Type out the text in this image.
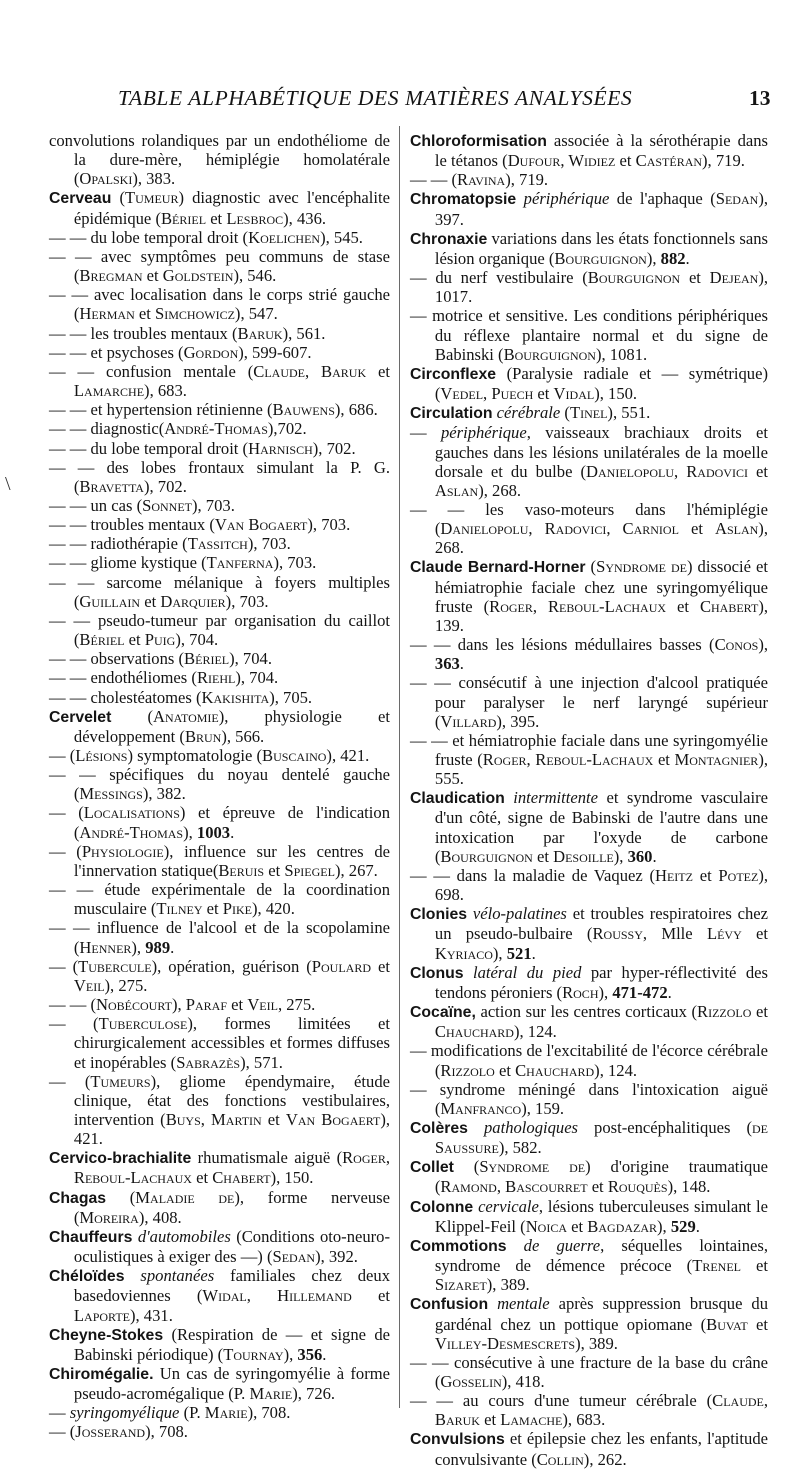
TABLE ALPHABÉTIQUE DES MATIÈRES ANALYSÉES	13
\

convolutions rolandiques par un endothéliome de la dure-mère, hémiplégie homolatérale (Opalski), 383.

Cerveau (Tumeur) diagnostic avec l'encéphalite épidémique (Bériel et Lesbroc), 436.

— — du lobe temporal droit (Koelichen), 545.

— — avec symptômes peu communs de stase (Bregman et Goldstein), 546.

— — avec localisation dans le corps strié gauche (Herman et Simchowicz), 547.

— — les troubles mentaux (Baruk), 561.

— — et psychoses (Gordon), 599-607.

— — confusion mentale (Claude, Baruk et Lamarche), 683.

— — et hypertension rétinienne (Bauwens), 686.

— — diagnostic(André-Thomas),702.

— — du lobe temporal droit (Harnisch), 702.

— — des lobes frontaux simulant la P. G. (Bravetta), 702.

— — un cas (Sonnet), 703.

— — troubles mentaux (Van Bogaert), 703.

— — radiothérapie (Tassitch), 703.

— — gliome kystique (Tanferna), 703.

— — sarcome mélanique à foyers multiples (Guillain et Darquier), 703.

— — pseudo-tumeur par organisation du caillot (Bériel et Puig), 704.

— — observations (Bériel), 704.

— — endothéliomes (Riehl), 704.

— — cholestéatomes (Kakishita), 705.

Cervelet (Anatomie), physiologie et développement (Brun), 566.

— (Lésions) symptomatologie (Buscaino), 421.

— — spécifiques du noyau dentelé gauche (Messings), 382.

— (Localisations) et épreuve de l'indication (André-Thomas), 1003.

— (Physiologie), influence sur les centres de l'innervation statique(Beruis et Spiegel), 267.

— — étude expérimentale de la coordination musculaire (Tilney et Pike), 420.

— — influence de l'alcool et de la scopolamine (Henner), 989.

— (Tubercule), opération, guérison (Poulard et Veil), 275.

— — (Nobécourt), Paraf et Veil, 275.

— (Tuberculose), formes limitées et chirurgicalement accessibles et formes diffuses et inopérables (Sabrazès), 571.

— (Tumeurs), gliome épendymaire, étude clinique, état des fonctions vestibulaires, intervention (Buys, Martin et Van Bogaert), 421.

Cervico-brachialite rhumatismale aiguë (Roger, Reboul-Lachaux et Chabert), 150.

Chagas (Maladie de), forme nerveuse (Moreira), 408.

Chauffeurs d'automobiles (Conditions oto-neuro-oculistiques à exiger des —) (Sedan), 392.

Chéloïdes spontanées familiales chez deux basedoviennes (Widal, Hillemand et Laporte), 431.

Cheyne-Stokes (Respiration de — et signe de Babinski périodique) (Tournay), 356.

Chiromégalie. Un cas de syringomyélie à forme pseudo-acromégalique (P. Marie), 726.

— syringomyélique (P. Marie), 708.

— (Josserand), 708.

Chloroformisation associée à la sérothérapie dans le tétanos (Dufour, Widiez et Castéran), 719.

— — (Ravina), 719.

Chromatopsie périphérique de l'aphaque (Sedan), 397.

Chronaxie variations dans les états fonctionnels sans lésion organique (Bourguignon), 882.

— du nerf vestibulaire (Bourguignon et Dejean), 1017.

— motrice et sensitive. Les conditions périphériques du réflexe plantaire normal et du signe de Babinski (Bourguignon), 1081.

Circonflexe (Paralysie radiale et — symétrique) (Vedel, Puech et Vidal), 150.

Circulation cérébrale (Tinel), 551.

— périphérique, vaisseaux brachiaux droits et gauches dans les lésions unilatérales de la moelle dorsale et du bulbe (Danielopolu, Radovici et Aslan), 268.

— — les vaso-moteurs dans l'hémiplégie (Danielopolu, Radovici, Carniol et Aslan), 268.

Claude Bernard-Horner (Syndrome de) dissocié et hémiatrophie faciale chez une syringomyélique fruste (Roger, Reboul-Lachaux et Chabert), 139.

— — dans les lésions médullaires basses (Conos), 363.

— — consécutif à une injection d'alcool pratiquée pour paralyser le nerf laryngé supérieur (Villard), 395.

— — et hémiatrophie faciale dans une syringomyélie fruste (Roger, Reboul-Lachaux et Montagnier), 555.

Claudication intermittente et syndrome vasculaire d'un côté, signe de Babinski de l'autre dans une intoxication par l'oxyde de carbone (Bourguignon et Desoille), 360.

— — dans la maladie de Vaquez (Heitz et Potez), 698.

Clonies vélo-palatines et troubles respiratoires chez un pseudo-bulbaire (Roussy, Mlle Lévy et Kyriaco), 521.

Clonus latéral du pied par hyper-réflectivité des tendons péroniers (Roch), 471-472.

Cocaïne, action sur les centres corticaux (Rizzolo et Chauchard), 124.

— modifications de l'excitabilité de l'écorce cérébrale (Rizzolo et Chauchard), 124.

— syndrome méningé dans l'intoxication aiguë (Manfranco), 159.

Colères pathologiques post-encéphalitiques (de Saussure), 582.

Collet (Syndrome de) d'origine traumatique (Ramond, Bascourret et Rouquès), 148.

Colonne cervicale, lésions tuberculeuses simulant le Klippel-Feil (Noica et Bagdazar), 529.

Commotions de guerre, séquelles lointaines, syndrome de démence précoce (Trenel et Sizaret), 389.

Confusion mentale après suppression brusque du gardénal chez un pottique opiomane (Buvat et Villey-Desmescrets), 389.

— — consécutive à une fracture de la base du crâne (Gosselin), 418.

— — au cours d'une tumeur cérébrale (Claude, Baruk et Lamache), 683.

Convulsions et épilepsie chez les enfants, l'aptitude convulsivante (Collin), 262.
